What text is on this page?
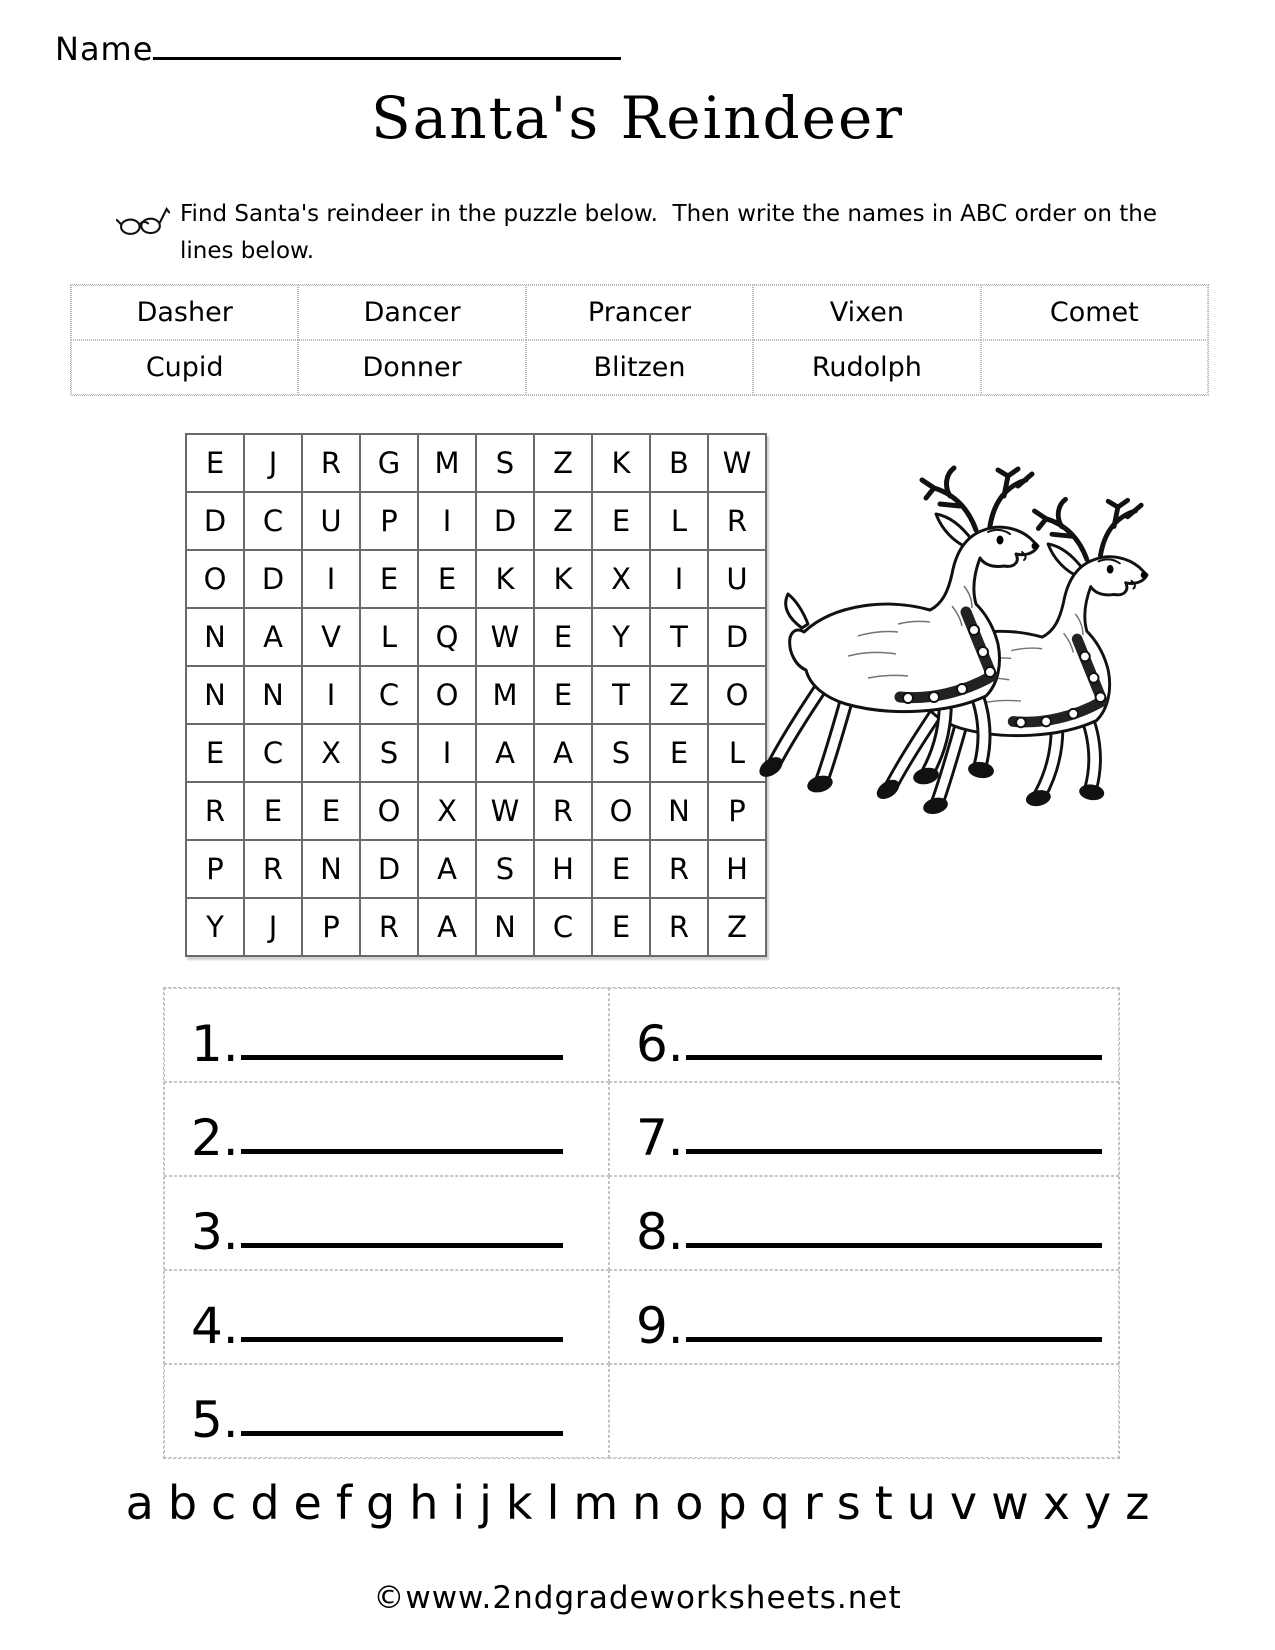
Name
Santa's Reindeer

Find Santa's reindeer in the puzzle below.  Then write the names in ABC order on the
lines below.

Dasher	Dancer	Prancer	Vixen	Comet
Cupid	Donner	Blitzen	Rudolph
E	J	R	G	M	S	Z	K	B	W
D	C	U	P	I	D	Z	E	L	R
O	D	I	E	E	K	K	X	I	U
N	A	V	L	Q	W	E	Y	T	D
N	N	I	C	O	M	E	T	Z	O
E	C	X	S	I	A	A	S	E	L
R	E	E	O	X	W	R	O	N	P
P	R	N	D	A	S	H	E	R	H
Y	J	P	R	A	N	C	E	R	Z
1.	6.
2.	7.
3.	8.
4.	9.
5.
abcdefghijklmnopqrstuvwxyz
©www.2ndgradeworksheets.net
